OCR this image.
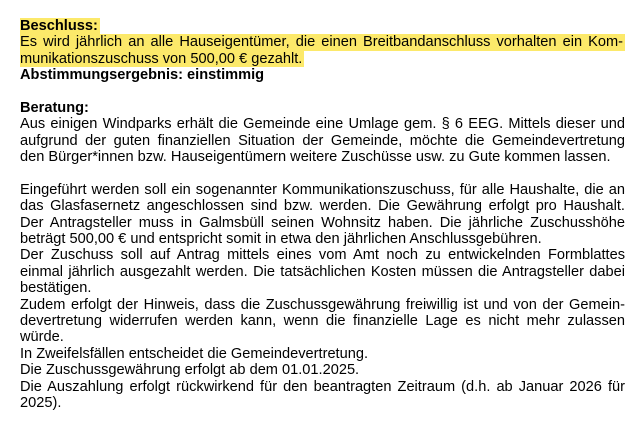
Beschluss:
Es wird jährlich an alle Hauseigentümer, die einen Breitbandanschluss vorhalten ein Kom-
munikationszuschuss von 500,00 € gezahlt.
Abstimmungsergebnis: einstimmig
Beratung:
Aus einigen Windparks erhält die Gemeinde eine Umlage gem. § 6 EEG. Mittels dieser und
aufgrund der guten finanziellen Situation der Gemeinde, möchte die Gemeindevertretung
den Bürger*innen bzw. Hauseigentümern weitere Zuschüsse usw. zu Gute kommen lassen.
Eingeführt werden soll ein sogenannter Kommunikationszuschuss, für alle Haushalte, die an
das Glasfasernetz angeschlossen sind bzw. werden. Die Gewährung erfolgt pro Haushalt.
Der Antragsteller muss in Galmsbüll seinen Wohnsitz haben. Die jährliche Zuschusshöhe
beträgt 500,00 € und entspricht somit in etwa den jährlichen Anschlussgebühren.
Der Zuschuss soll auf Antrag mittels eines vom Amt noch zu entwickelnden Formblattes
einmal jährlich ausgezahlt werden. Die tatsächlichen Kosten müssen die Antragsteller dabei
bestätigen.
Zudem erfolgt der Hinweis, dass die Zuschussgewährung freiwillig ist und von der Gemein-
devertretung widerrufen werden kann, wenn die finanzielle Lage es nicht mehr zulassen
würde.
In Zweifelsfällen entscheidet die Gemeindevertretung.
Die Zuschussgewährung erfolgt ab dem 01.01.2025.
Die Auszahlung erfolgt rückwirkend für den beantragten Zeitraum (d.h. ab Januar 2026 für
2025).
